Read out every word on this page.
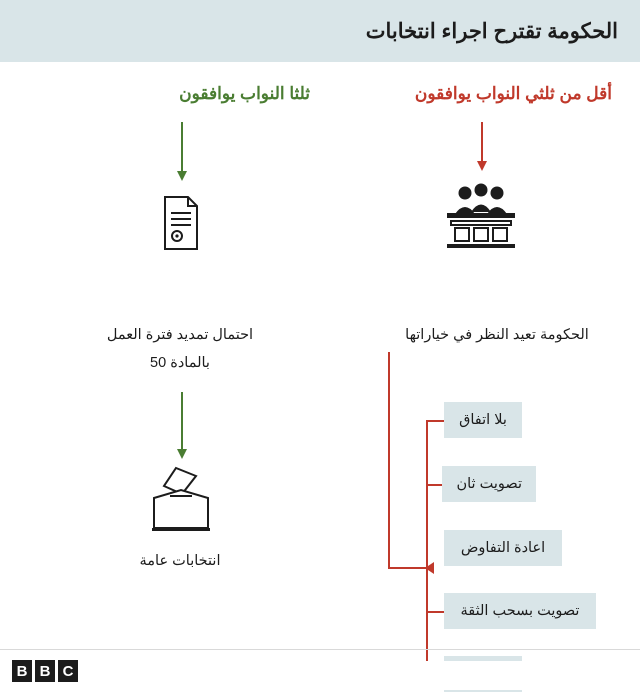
الحكومة تقترح اجراء انتخابات
أقل من ثلثي النواب يوافقون
ثلثا النواب يوافقون
الحكومة تعيد النظر في خياراتها
بلا اتفاق
تصويت ثان
اعادة التفاوض
تصويت بسحب الثقة
احتمال تمديد فترة العمل
بالمادة 50
انتخابات عامة
B B C
